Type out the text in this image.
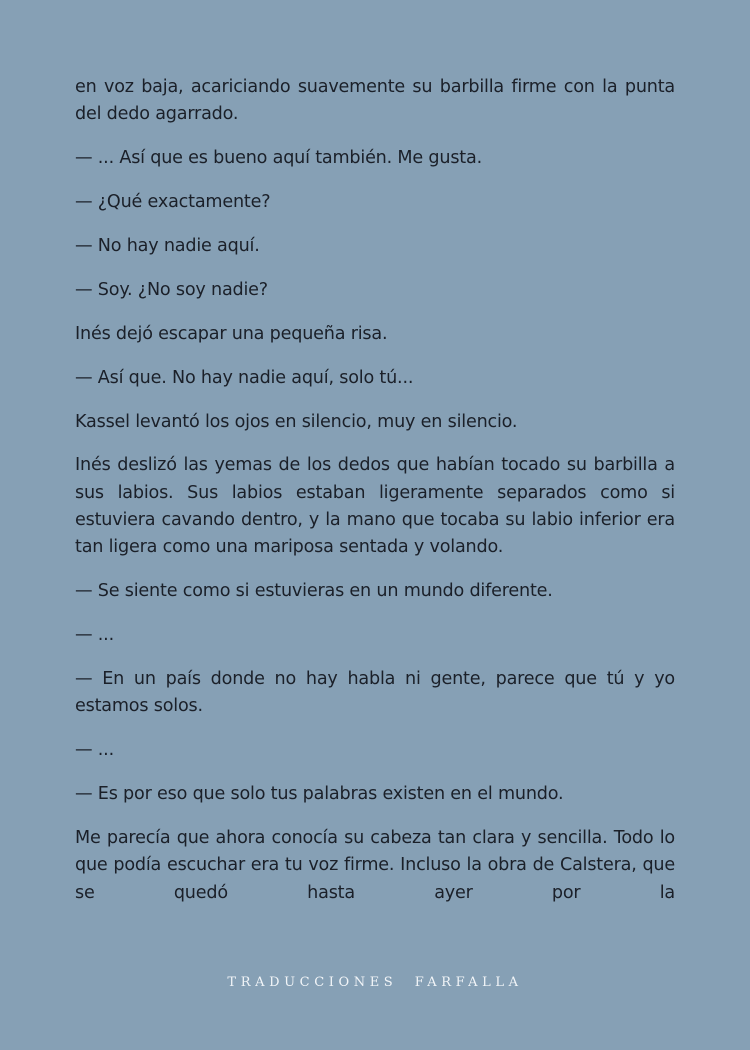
en voz baja, acariciando suavemente su barbilla firme con la punta del dedo agarrado.

— ... Así que es bueno aquí también. Me gusta.

— ¿Qué exactamente?

— No hay nadie aquí.

— Soy. ¿No soy nadie?

Inés dejó escapar una pequeña risa.

— Así que. No hay nadie aquí, solo tú...

Kassel levantó los ojos en silencio, muy en silencio.

Inés deslizó las yemas de los dedos que habían tocado su barbilla a sus labios. Sus labios estaban ligeramente separados como si estuviera cavando dentro, y la mano que tocaba su labio inferior era tan ligera como una mariposa sentada y volando.

— Se siente como si estuvieras en un mundo diferente.

— ...

— En un país donde no hay habla ni gente, parece que tú y yo estamos solos.

— ...

— Es por eso que solo tus palabras existen en el mundo.

Me parecía que ahora conocía su cabeza tan clara y sencilla. Todo lo que podía escuchar era tu voz firme. Incluso la obra de Calstera, que se quedó hasta ayer por la

TRADUCCIONES  FARFALLA
